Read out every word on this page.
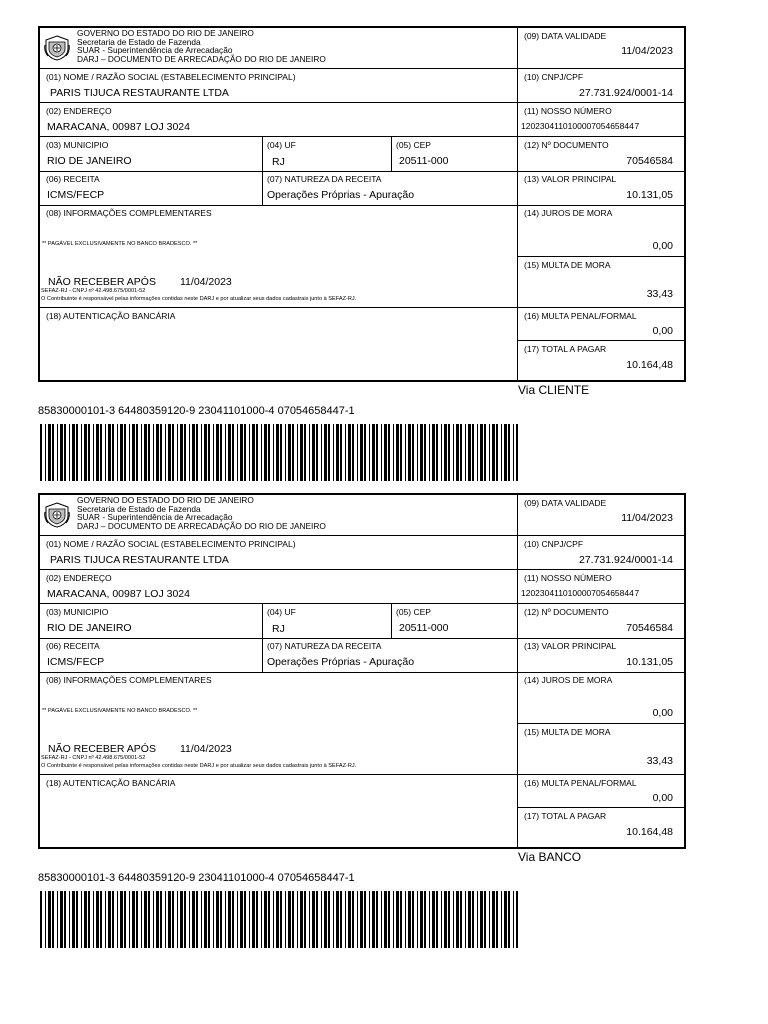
GOVERNO DO ESTADO DO RIO DE JANEIRO
Secretaria de Estado de Fazenda
SUAR - Superintendência de Arrecadação
DARJ – DOCUMENTO DE ARRECADAÇÃO DO RIO DE JANEIRO
(09) DATA VALIDADE
11/04/2023
(01) NOME / RAZÃO SOCIAL (ESTABELECIMENTO PRINCIPAL)
PARIS TIJUCA RESTAURANTE LTDA
(10) CNPJ/CPF
27.731.924/0001-14
(02) ENDEREÇO
MARACANA, 00987 LOJ 3024
(11) NOSSO NÚMERO
120230411010000705465844 7
(03) MUNICIPIO
RIO DE JANEIRO
(04) UF
RJ
(05) CEP
20511-000
(12) Nº DOCUMENTO
70546584
(06) RECEITA
ICMS/FECP
(07) NATUREZA DA RECEITA
Operações Próprias - Apuração
(13) VALOR PRINCIPAL
10.131,05
(08) INFORMAÇÕES COMPLEMENTARES
** PAGÁVEL EXCLUSIVAMENTE NO BANCO BRADESCO. **
NÃO RECEBER APÓS 11/04/2023
SEFAZ-RJ - CNPJ nº 42.498.675/0001-52
O Contribuinte é responsável pelas informações contidas neste DARJ e por atualizar seus dados cadastrais junto à SEFAZ-RJ.
(14) JUROS DE MORA
0,00
(15) MULTA DE MORA
33,43
(18) AUTENTICAÇÃO BANCÁRIA	(16) MULTA PENAL/FORMAL
0,00
(17) TOTAL A PAGAR
10.164,48
Via CLIENTE
85830000101-3 64480359120-9 23041101000-4 07054658447-1
GOVERNO DO ESTADO DO RIO DE JANEIRO
Secretaria de Estado de Fazenda
SUAR - Superintendência de Arrecadação
DARJ – DOCUMENTO DE ARRECADAÇÃO DO RIO DE JANEIRO
(09) DATA VALIDADE
11/04/2023
(01) NOME / RAZÃO SOCIAL (ESTABELECIMENTO PRINCIPAL)
PARIS TIJUCA RESTAURANTE LTDA
(10) CNPJ/CPF
27.731.924/0001-14
(02) ENDEREÇO
MARACANA, 00987 LOJ 3024
(11) NOSSO NÚMERO
120230411010000705465844 7
(03) MUNICIPIO
RIO DE JANEIRO
(04) UF
RJ
(05) CEP
20511-000
(12) Nº DOCUMENTO
70546584
(06) RECEITA
ICMS/FECP
(07) NATUREZA DA RECEITA
Operações Próprias - Apuração
(13) VALOR PRINCIPAL
10.131,05
(08) INFORMAÇÕES COMPLEMENTARES
** PAGÁVEL EXCLUSIVAMENTE NO BANCO BRADESCO. **
NÃO RECEBER APÓS 11/04/2023
SEFAZ-RJ - CNPJ nº 42.498.675/0001-52
O Contribuinte é responsável pelas informações contidas neste DARJ e por atualizar seus dados cadastrais junto à SEFAZ-RJ.
(14) JUROS DE MORA
0,00
(15) MULTA DE MORA
33,43
(18) AUTENTICAÇÃO BANCÁRIA	(16) MULTA PENAL/FORMAL
0,00
(17) TOTAL A PAGAR
10.164,48
Via BANCO
85830000101-3 64480359120-9 23041101000-4 07054658447-1
